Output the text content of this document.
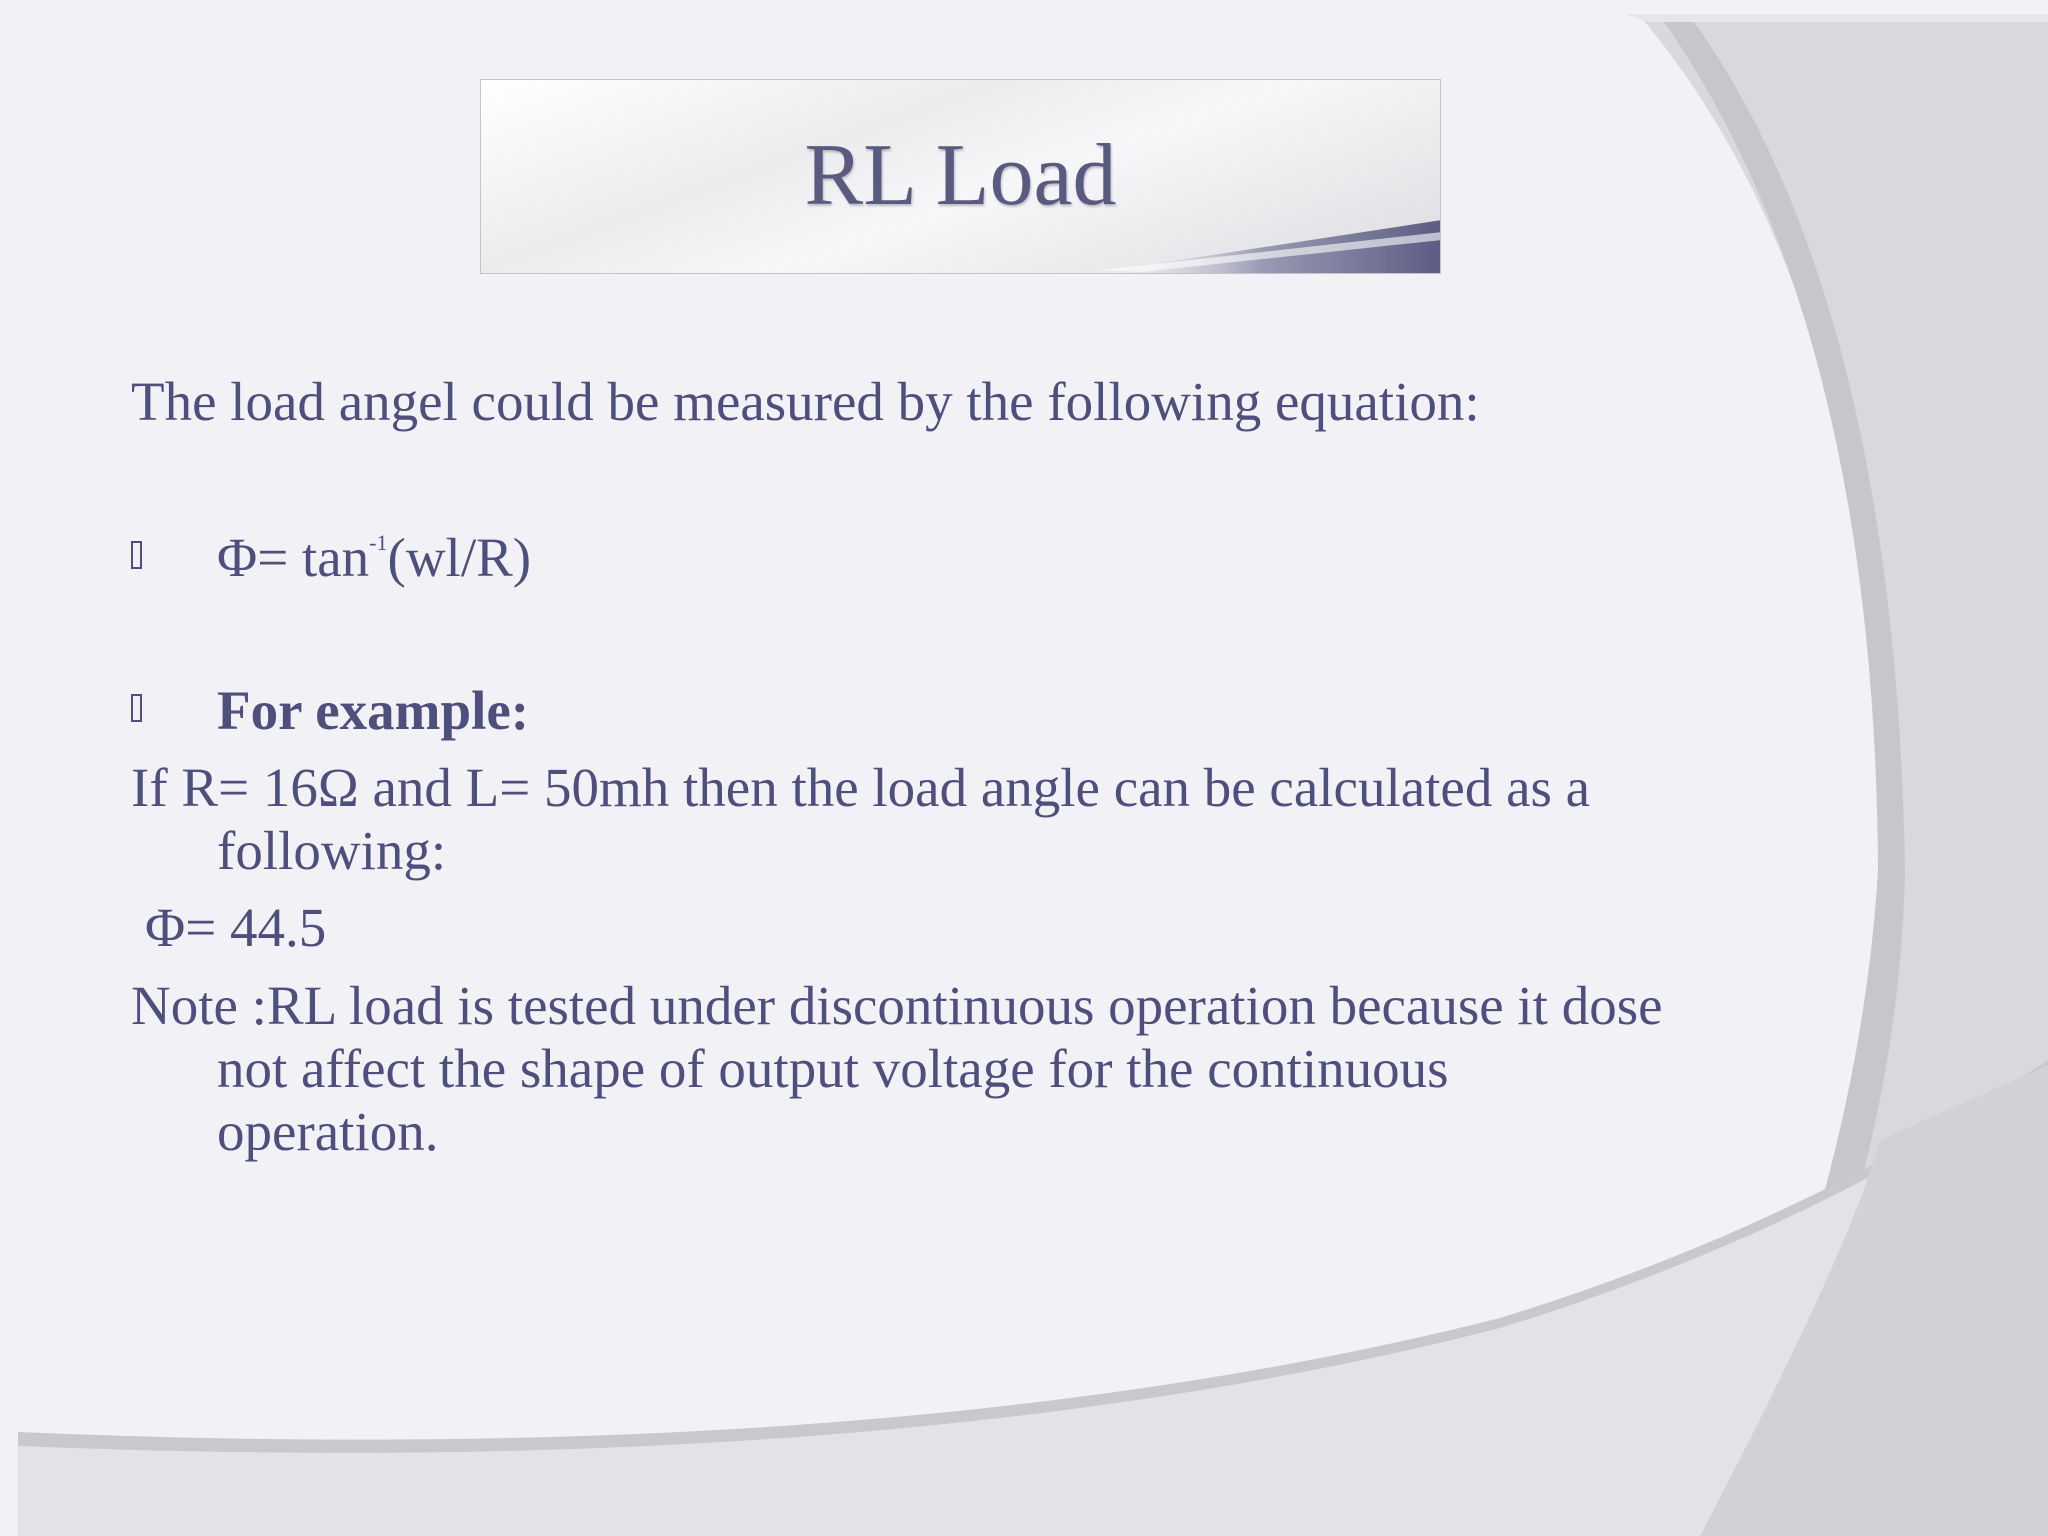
RL Load
The load angel could be measured by the following equation:
$\Phi= \tan^{-1}(wl/R)$
For example:
If R= 16Ω and L= 50mh then the load angle can be calculated as a
following:
Φ= 44.5
Note :RL load is tested under discontinuous operation because it dose
not affect the shape of output voltage for the continuous
operation.
